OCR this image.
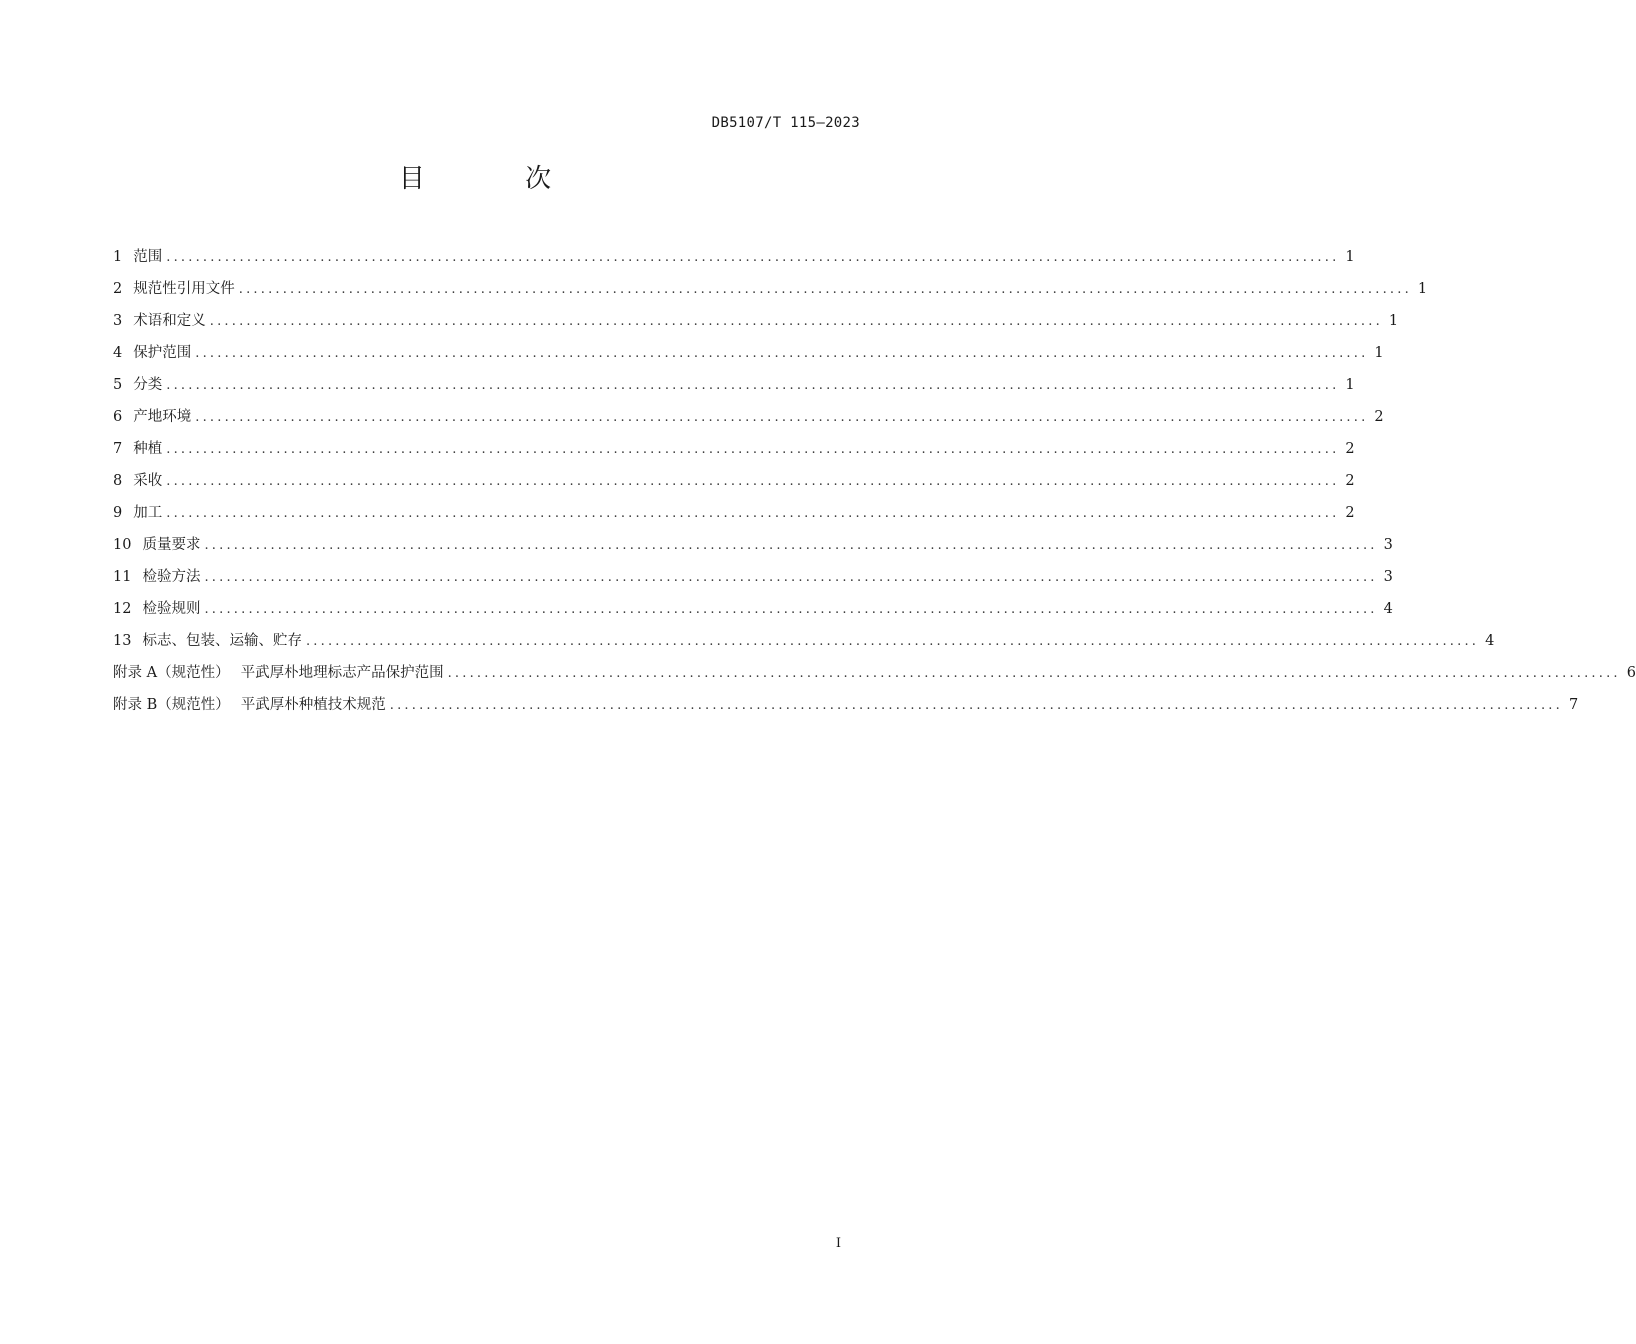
DB5107/T 115—2023
目 次
1 范围 ................................................................................................................................................................ 1
2 规范性引用文件 ................................................................................................................................................................ 1
3 术语和定义 ................................................................................................................................................................ 1
4 保护范围 ................................................................................................................................................................ 1
5 分类 ................................................................................................................................................................ 1
6 产地环境 ................................................................................................................................................................ 2
7 种植 ................................................................................................................................................................ 2
8 采收 ................................................................................................................................................................ 2
9 加工 ................................................................................................................................................................ 2
10 质量要求 ................................................................................................................................................................ 3
11 检验方法 ................................................................................................................................................................ 3
12 检验规则 ................................................................................................................................................................ 4
13 标志、包装、运输、贮存 ................................................................................................................................................................ 4
附录 A（规范性） 平武厚朴地理标志产品保护范围 ................................................................................................................................................................ 6
附录 B（规范性） 平武厚朴种植技术规范 ................................................................................................................................................................ 7
I
